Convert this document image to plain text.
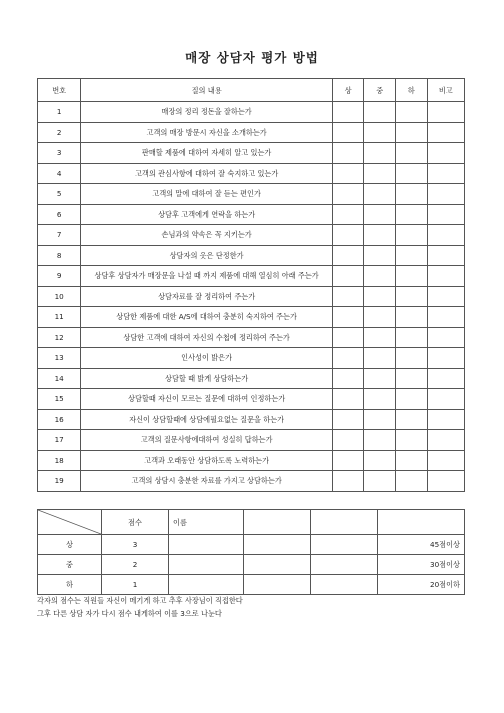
매장 상담자 평가 방법
번호	질의 내용	상	중	하	비고
1	매장의 정리 정돈을 잘하는가				
2	고객의 매장 방문시 자신을 소개하는가				
3	판매할 제품에 대하여 자세히 알고 있는가				
4	고객의 관심사항에 대하여 잘 숙지하고 있는가				
5	고객의 말에 대하여 잘 듣는 편인가				
6	상담후 고객에게 연락을 하는가				
7	손님과의 약속은 꼭 지키는가				
8	상담자의 옷은 단정한가				
9	상담후 상담자가 매장문을 나설 때 까지 제품에 대해 열심히 아래 주는가				
10	상담자료를 잘 정리하여 주는가				
11	상담한 제품에 대한 A/S에 대하여 충분히 숙지하여 주는가				
12	상담한 고객에 대하여 자신의 수첩에 정리하여 주는가				
13	인사성이 밝은가				
14	상담할 때 밝게 상담하는가				
15	상담할때 자신이 모르는 질문에 대하여 인정하는가				
16	자신이 상담할때에 상담에필요없는 질문을 하는가				
17	고객의 질문사항에대하여 성실히 답하는가				
18	고객과 오래동안 상담하도록 노력하는가				
19	고객의 상담시 충분한 자료를 가지고 상담하는가				
	점수	이름			
상	3				45점이상
중	2				30점이상
하	1				20점이하
각자의 점수는 직원들 자신이 메기게 하고 추후 사장님이 직접한다
그후 다른 상담 자가 다시 점수 내게하여 이를 3으로 나눈다
